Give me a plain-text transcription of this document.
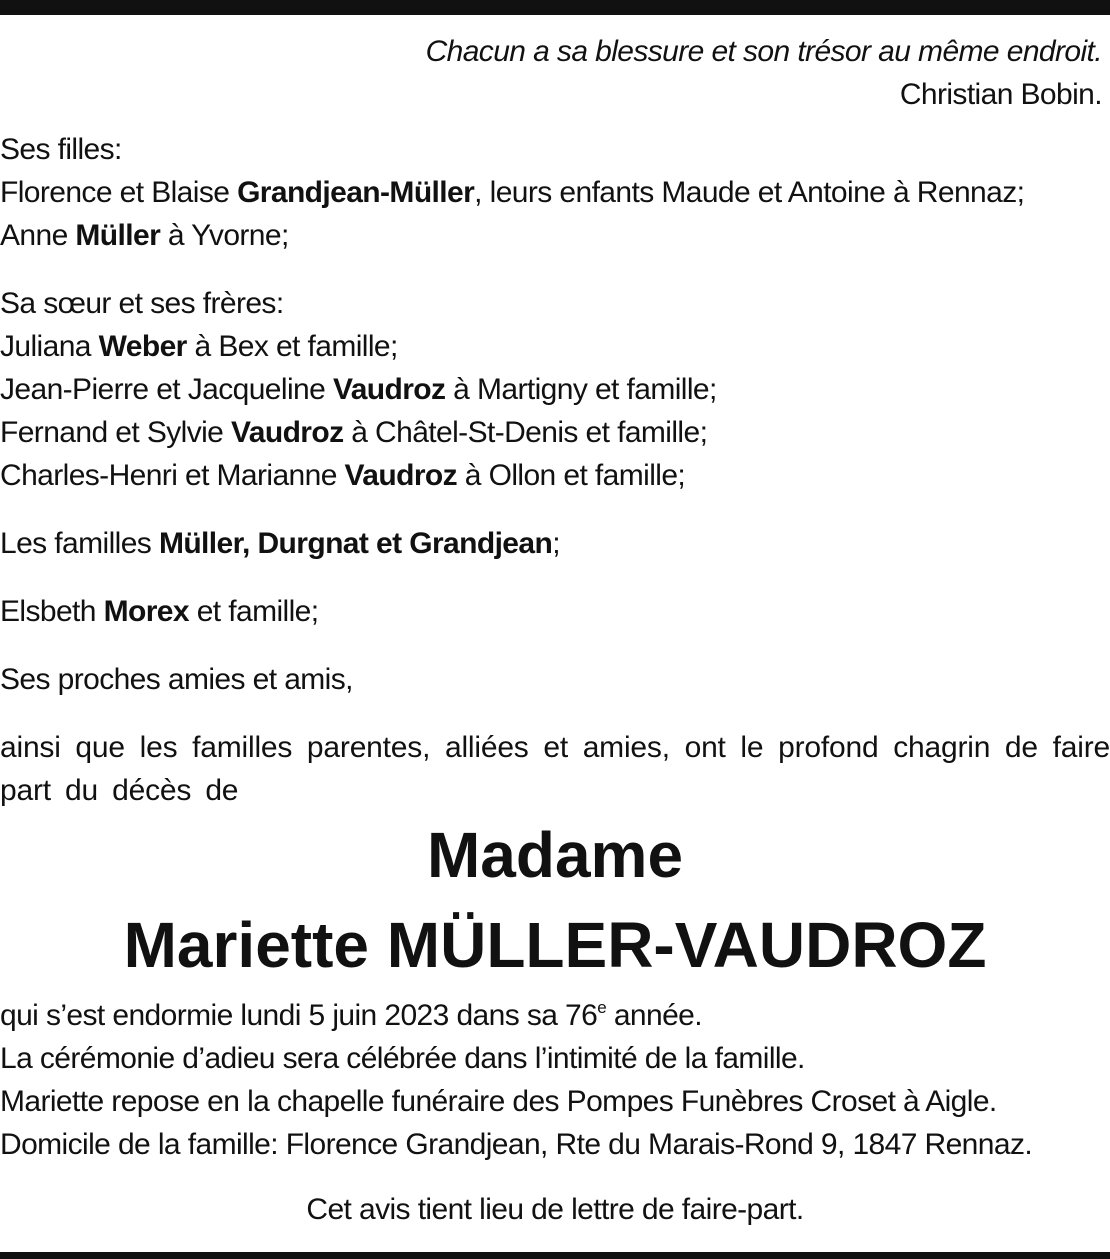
Chacun a sa blessure et son trésor au même endroit.
Christian Bobin.
Ses filles:
Florence et Blaise Grandjean-Müller, leurs enfants Maude et Antoine à Rennaz;
Anne Müller à Yvorne;
Sa sœur et ses frères:
Juliana Weber à Bex et famille;
Jean-Pierre et Jacqueline Vaudroz à Martigny et famille;
Fernand et Sylvie Vaudroz à Châtel-St-Denis et famille;
Charles-Henri et Marianne Vaudroz à Ollon et famille;
Les familles Müller, Durgnat et Grandjean;
Elsbeth Morex et famille;
Ses proches amies et amis,
ainsi que les familles parentes, alliées et amies, ont le profond chagrin de faire part du décès de
Madame
Mariette MÜLLER-VAUDROZ
qui s’est endormie lundi 5 juin 2023 dans sa 76e année.
La cérémonie d’adieu sera célébrée dans l’intimité de la famille.
Mariette repose en la chapelle funéraire des Pompes Funèbres Croset à Aigle.
Domicile de la famille: Florence Grandjean, Rte du Marais-Rond 9, 1847 Rennaz.
Cet avis tient lieu de lettre de faire-part.
